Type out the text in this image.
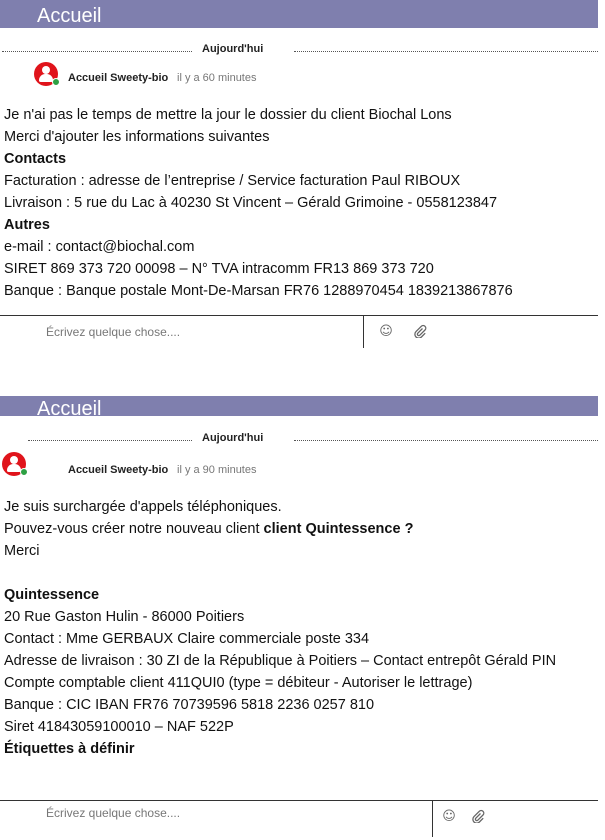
Accueil
Aujourd'hui
Accueil Sweety-bio il y a 60 minutes
Je n'ai pas le temps de mettre la jour le dossier du client Biochal Lons
Merci d'ajouter les informations suivantes
Contacts
Facturation : adresse de l’entreprise / Service facturation Paul RIBOUX
Livraison : 5 rue du Lac à 40230 St Vincent – Gérald Grimoine - 0558123847
Autres
e-mail : contact@biochal.com
SIRET 869 373 720 00098 – N° TVA intracomm FR13 869 373 720
Banque : Banque postale Mont-De-Marsan FR76 1288970454 1839213867876
Écrivez quelque chose....
☺
Accueil
Aujourd'hui
Accueil Sweety-bio il y a 90 minutes
Je suis surchargée d'appels téléphoniques.
Pouvez-vous créer notre nouveau client client Quintessence ?
Merci
Quintessence
20 Rue Gaston Hulin - 86000 Poitiers
Contact : Mme GERBAUX Claire commerciale poste 334
Adresse de livraison : 30 ZI de la République à Poitiers – Contact entrepôt Gérald PIN
Compte comptable client 411QUI0 (type = débiteur - Autoriser le lettrage)
Banque : CIC IBAN FR76 70739596 5818 2236 0257 810
Siret 41843059100010 – NAF 522P
Étiquettes à définir
Écrivez quelque chose....
☺
